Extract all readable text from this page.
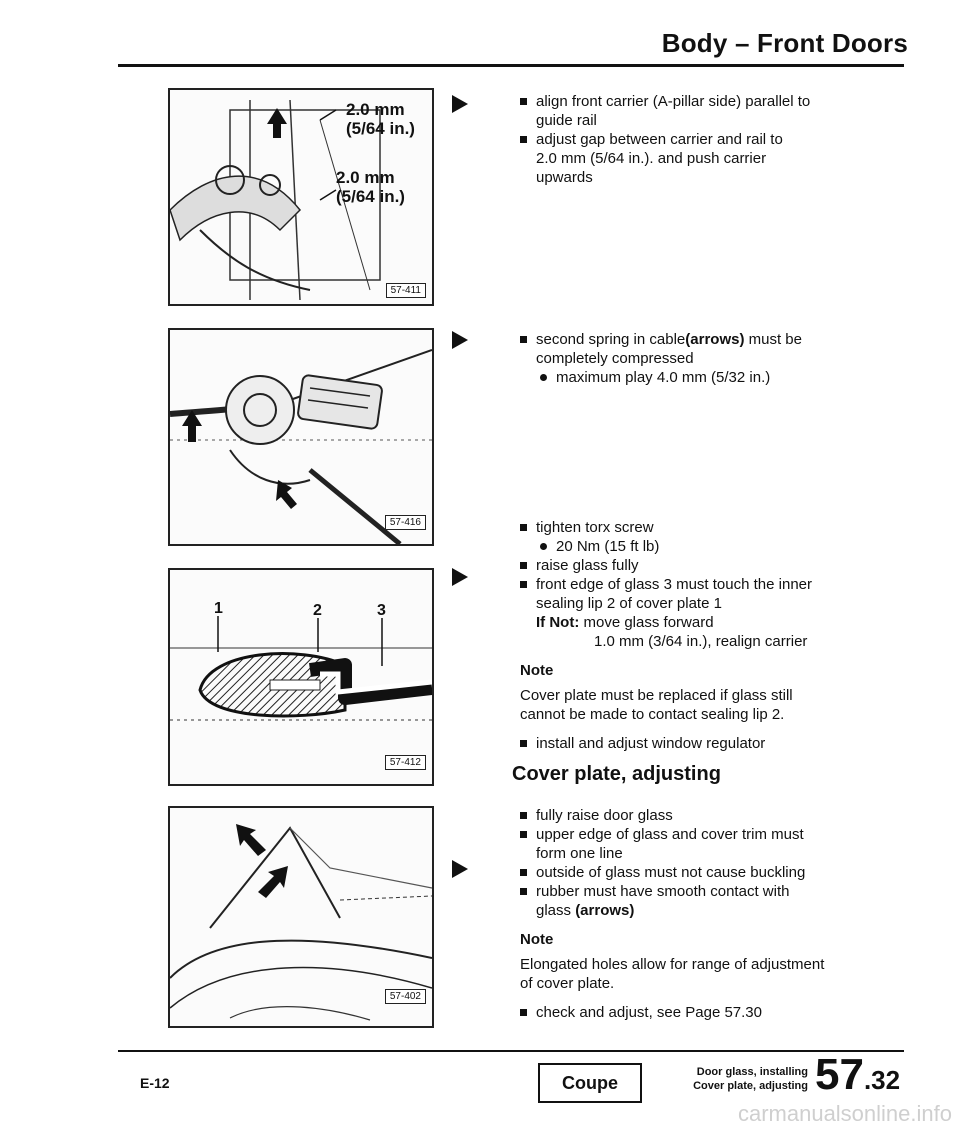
Body – Front Doors
2.0 mm
(5/64 in.)
2.0 mm
(5/64 in.)
57-411
57-416
1	2	3
57-412
57-402
align front carrier (A-pillar side) parallel to
guide rail
adjust gap between carrier and rail to
2.0 mm (5/64 in.). and push carrier
upwards
second spring in cable(arrows) must be
completely compressed
maximum play 4.0 mm (5/32 in.)
tighten torx screw
20 Nm (15 ft lb)
raise glass fully
front edge of glass 3 must touch the inner
sealing lip 2 of cover plate 1
If Not: move glass forward
1.0 mm (3/64 in.), realign carrier
Note
Cover plate must be replaced if glass still
cannot be made to contact sealing lip 2.
install and adjust window regulator
Cover plate, adjusting
fully raise door glass
upper edge of glass and cover trim must
form one line
outside of glass must not cause buckling
rubber must have smooth contact with
glass (arrows)
Note
Elongated holes allow for range of adjustment
of cover plate.
check and adjust, see Page 57.30
E-12	Coupe
Door glass, installing
Cover plate, adjusting 57.32
carmanualsonline.info
